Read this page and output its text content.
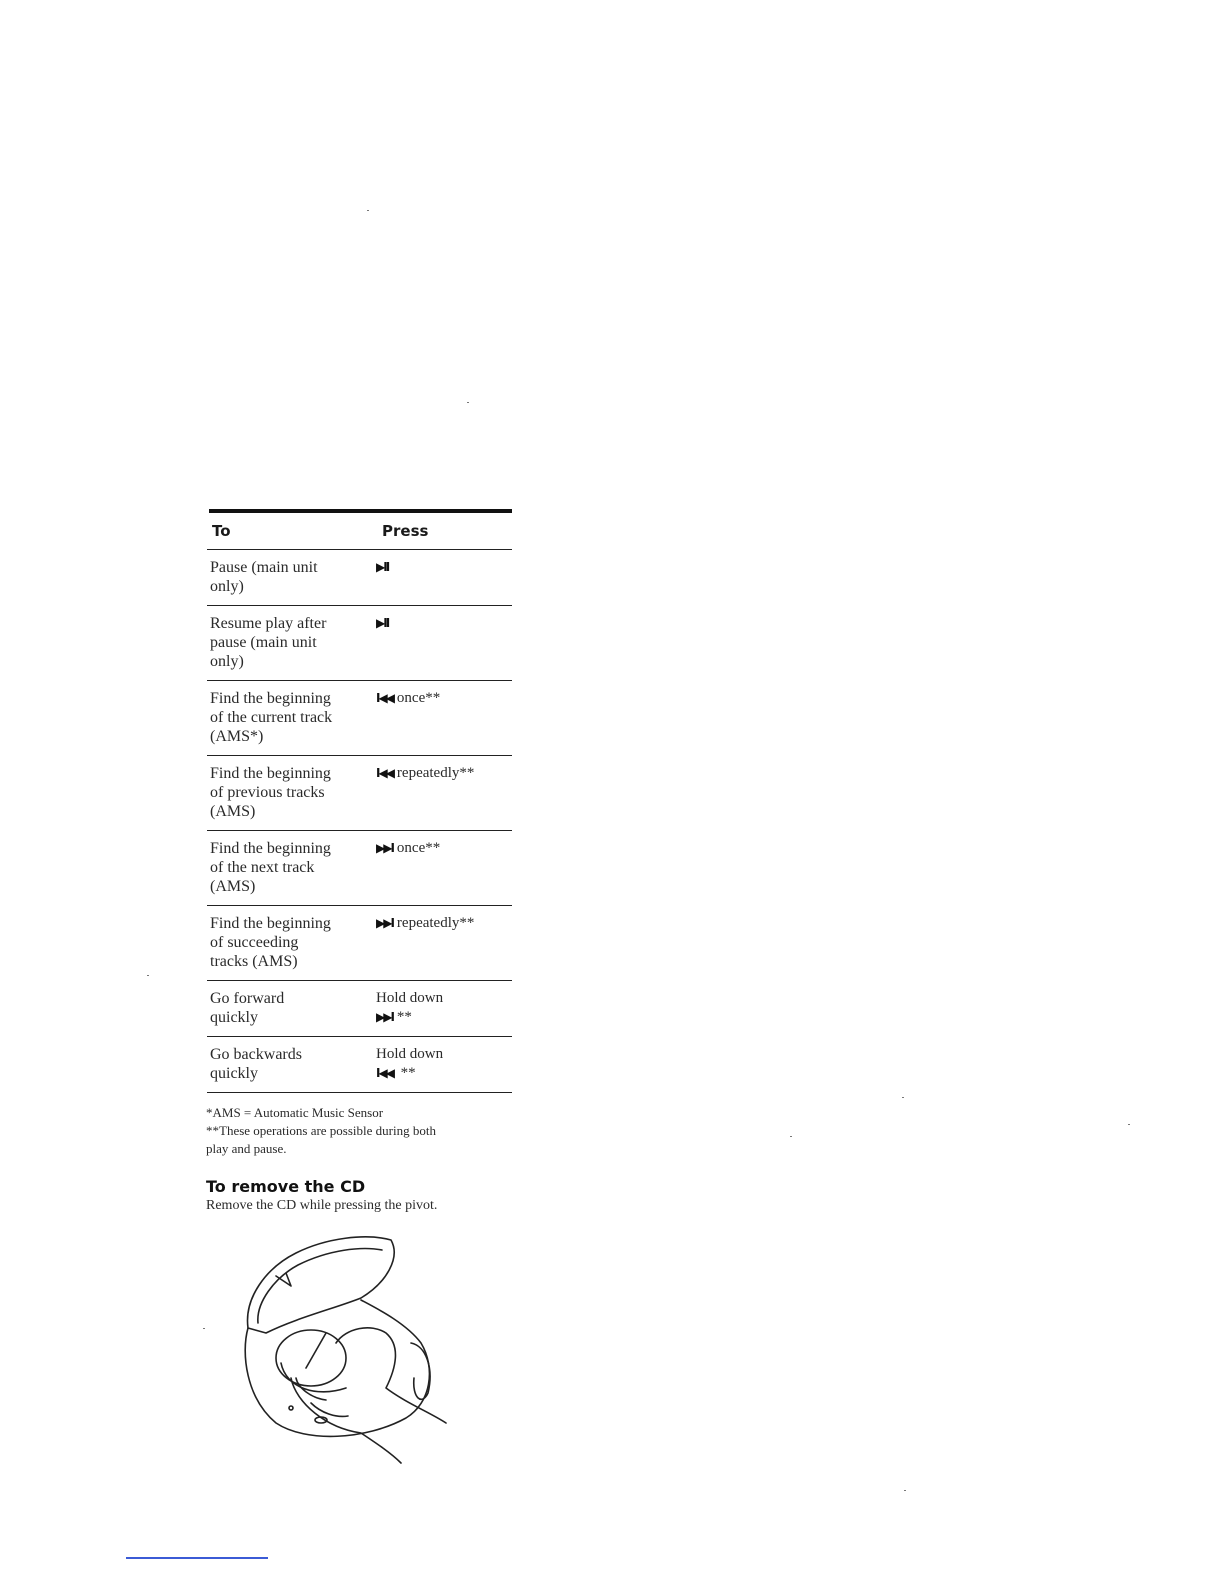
To	Press
Pause (main unit
only)
▶II
Resume play after
pause (main unit
only)
▶II
Find the beginning
of the current track
(AMS*)
I◀◀ once**
Find the beginning
of previous tracks
(AMS)
I◀◀ repeatedly**
Find the beginning
of the next track
(AMS)
▶▶I once**
Find the beginning
of succeeding
tracks (AMS)
▶▶I repeatedly**
Go forward
quickly
Hold down
▶▶I **
Go backwards
quickly
Hold down
I◀◀ **
*AMS = Automatic Music Sensor
**These operations are possible during both
play and pause.
To remove the CD
Remove the CD while pressing the pivot.
